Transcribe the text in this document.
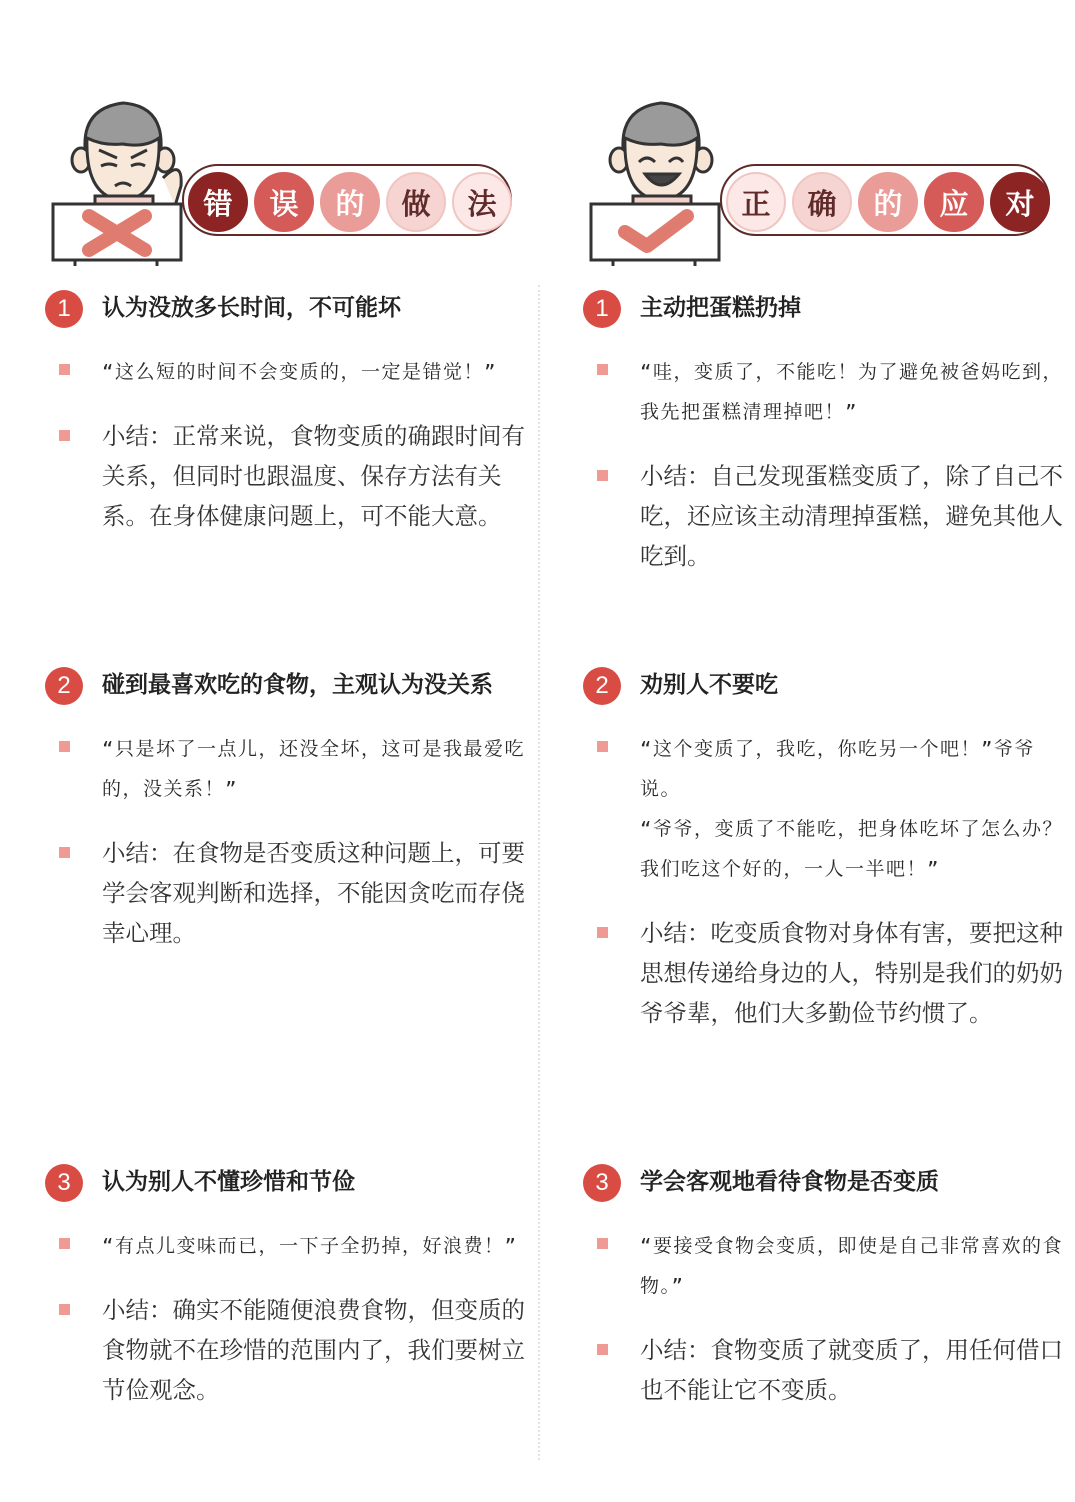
错	误	的	做	法
1	认为没放多长时间，不可能坏

“这么短的时间不会变质的，一定是错觉！”

小结：正常来说，食物变质的确跟时间有关系，但同时也跟温度、保存方法有关系。在身体健康问题上，可不能大意。

2	碰到最喜欢吃的食物，主观认为没关系

“只是坏了一点儿，还没全坏，这可是我最爱吃的，没关系！”

小结：在食物是否变质这种问题上，可要学会客观判断和选择，不能因贪吃而存侥幸心理。

3	认为别人不懂珍惜和节俭

“有点儿变味而已，一下子全扔掉，好浪费！”

小结：确实不能随便浪费食物，但变质的食物就不在珍惜的范围内了，我们要树立节俭观念。

正	确	的	应	对
1	主动把蛋糕扔掉

“哇，变质了，不能吃！为了避免被爸妈吃到，我先把蛋糕清理掉吧！”

小结：自己发现蛋糕变质了，除了自己不吃，还应该主动清理掉蛋糕，避免其他人吃到。

2	劝别人不要吃

“这个变质了，我吃，你吃另一个吧！”爷爷说。

“爷爷，变质了不能吃，把身体吃坏了怎么办？我们吃这个好的，一人一半吧！”

小结：吃变质食物对身体有害，要把这种思想传递给身边的人，特别是我们的奶奶爷爷辈，他们大多勤俭节约惯了。

3	学会客观地看待食物是否变质

“要接受食物会变质，即使是自己非常喜欢的食物。”

小结：食物变质了就变质了，用任何借口也不能让它不变质。
